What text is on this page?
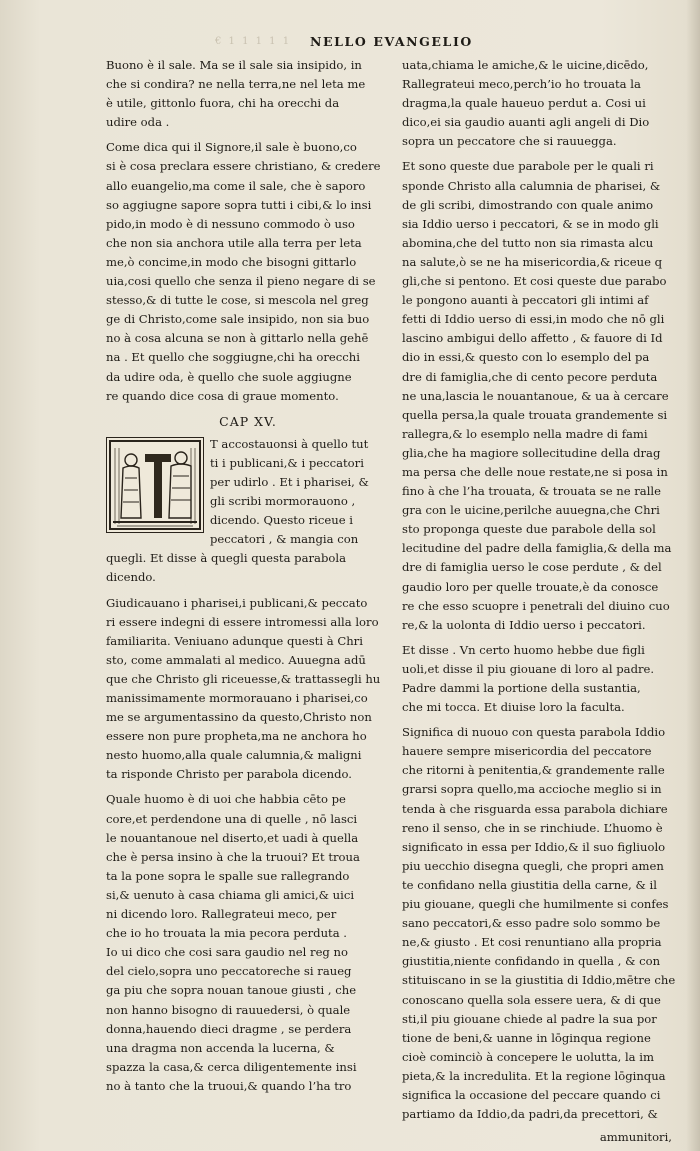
€ 1 1 1 1 1 NELLO EVANGELIO

Buono è il sale. Ma se il sale sia insipido, in
che si condira? ne nella terra,ne nel leta me
è utile, gittonlo fuora, chi ha orecchi da
udire oda .

Come dica qui il Signore,il sale è buono,co
si è cosa preclara essere christiano, & credere
allo euangelio,ma come il sale, che è saporo
so aggiugne sapore sopra tutti i cibi,& lo insi
pido,in modo è di nessuno commodo ò uso
che non sia anchora utile alla terra per leta
me,ò concime,in modo che bisogni gittarlo
uia,cosi quello che senza il pieno negare di se
stesso,& di tutte le cose, si mescola nel greg
ge di Christo,come sale insipido, non sia buo
no à cosa alcuna se non à gittarlo nella gehē
na . Et quello che soggiugne,chi ha orecchi
da udire oda, è quello che suole aggiugne
re quando dice cosa di graue momento.

CAP XV.

T accostauonsi à quello tut
ti i publicani,& i peccatori
per udirlo . Et i pharisei, &
gli scribi mormorauono ,
dicendo. Questo riceue i
peccatori , & mangia con
quegli. Et disse à quegli questa parabola
dicendo.

Giudicauano i pharisei,i publicani,& peccato
ri essere indegni di essere intromessi alla loro
familiarita. Veniuano adunque questi à Chri
sto, come ammalati al medico. Auuegna adū
que che Christo gli riceuesse,& trattassegli hu
manissimamente mormorauano i pharisei,co
me se argumentassino da questo,Christo non
essere non pure propheta,ma ne anchora ho
nesto huomo,alla quale calumnia,& maligni
ta risponde Christo per parabola dicendo.

Quale huomo è di uoi che habbia cēto pe
core,et perdendone una di quelle , nō lasci
le nouantanoue nel diserto,et uadi à quella
che è persa insino à che la truoui? Et troua
ta la pone sopra le spalle sue rallegrando
si,& uenuto à casa chiama gli amici,& uici
ni dicendo loro. Rallegrateui meco, per
che io ho trouata la mia pecora perduta .
Io ui dico che cosi sara gaudio nel reg no
del cielo,sopra uno peccatoreche si raueg
ga piu che sopra nouan tanoue giusti , che
non hanno bisogno di rauuedersi, ò quale
donna,hauendo dieci dragme , se perdera
una dragma non accenda la lucerna, &
spazza la casa,& cerca diligentemente insi
no à tanto che la truoui,& quando l’ha tro

uata,chiama le amiche,& le uicine,dicēdo,
Rallegrateui meco,perch’io ho trouata la
dragma,la quale haueuo perdut a. Cosi ui
dico,ei sia gaudio auanti agli angeli di Dio
sopra un peccatore che si rauuegga.

Et sono queste due parabole per le quali ri
sponde Christo alla calumnia de pharisei, &
de gli scribi, dimostrando con quale animo
sia Iddio uerso i peccatori, & se in modo gli
abomina,che del tutto non sia rimasta alcu
na salute,ò se ne ha misericordia,& riceue q
gli,che si pentono. Et cosi queste due parabo
le pongono auanti à peccatori gli intimi af
fetti di Iddio uerso di essi,in modo che nō gli
lascino ambigui dello affetto , & fauore di Id
dio in essi,& questo con lo esemplo del pa
dre di famiglia,che di cento pecore perduta
ne una,lascia le nouantanoue, & ua à cercare
quella persa,la quale trouata grandemente si
rallegra,& lo esemplo nella madre di fami
glia,che ha magiore sollecitudine della drag
ma persa che delle noue restate,ne si posa in
fino à che l’ha trouata, & trouata se ne ralle
gra con le uicine,perilche auuegna,che Chri
sto proponga queste due parabole della sol
lecitudine del padre della famiglia,& della ma
dre di famiglia uerso le cose perdute , & del
gaudio loro per quelle trouate,è da conosce
re che esso scuopre i penetrali del diuino cuo
re,& la uolonta di Iddio uerso i peccatori.

Et disse . Vn certo huomo hebbe due figli
uoli,et disse il piu giouane di loro al padre.
Padre dammi la portione della sustantia,
che mi tocca. Et diuise loro la faculta.

Significa di nuouo con questa parabola Iddio
hauere sempre misericordia del peccatore
che ritorni à penitentia,& grandemente ralle
grarsi sopra quello,ma accioche meglio si in
tenda à che risguarda essa parabola dichiare
reno il senso, che in se rinchiude. L’huomo è
significato in essa per Iddio,& il suo figliuolo
piu uecchio disegna quegli, che propri amen
te confidano nella giustitia della carne, & il
piu giouane, quegli che humilmente si confes
sano peccatori,& esso padre solo sommo be
ne,& giusto . Et cosi renuntiano alla propria
giustitia,niente confidando in quella , & con
stituiscano in se la giustitia di Iddio,mētre che
conoscano quella sola essere uera, & di que
sti,il piu giouane chiede al padre la sua por
tione de beni,& uanne in lōginqua regione
cioè cominciò à concepere le uolutta, la im
pieta,& la incredulita. Et la regione lōginqua
significa la occasione del peccare quando ci
partiamo da Iddio,da padri,da precettori, &

ammunitori,
